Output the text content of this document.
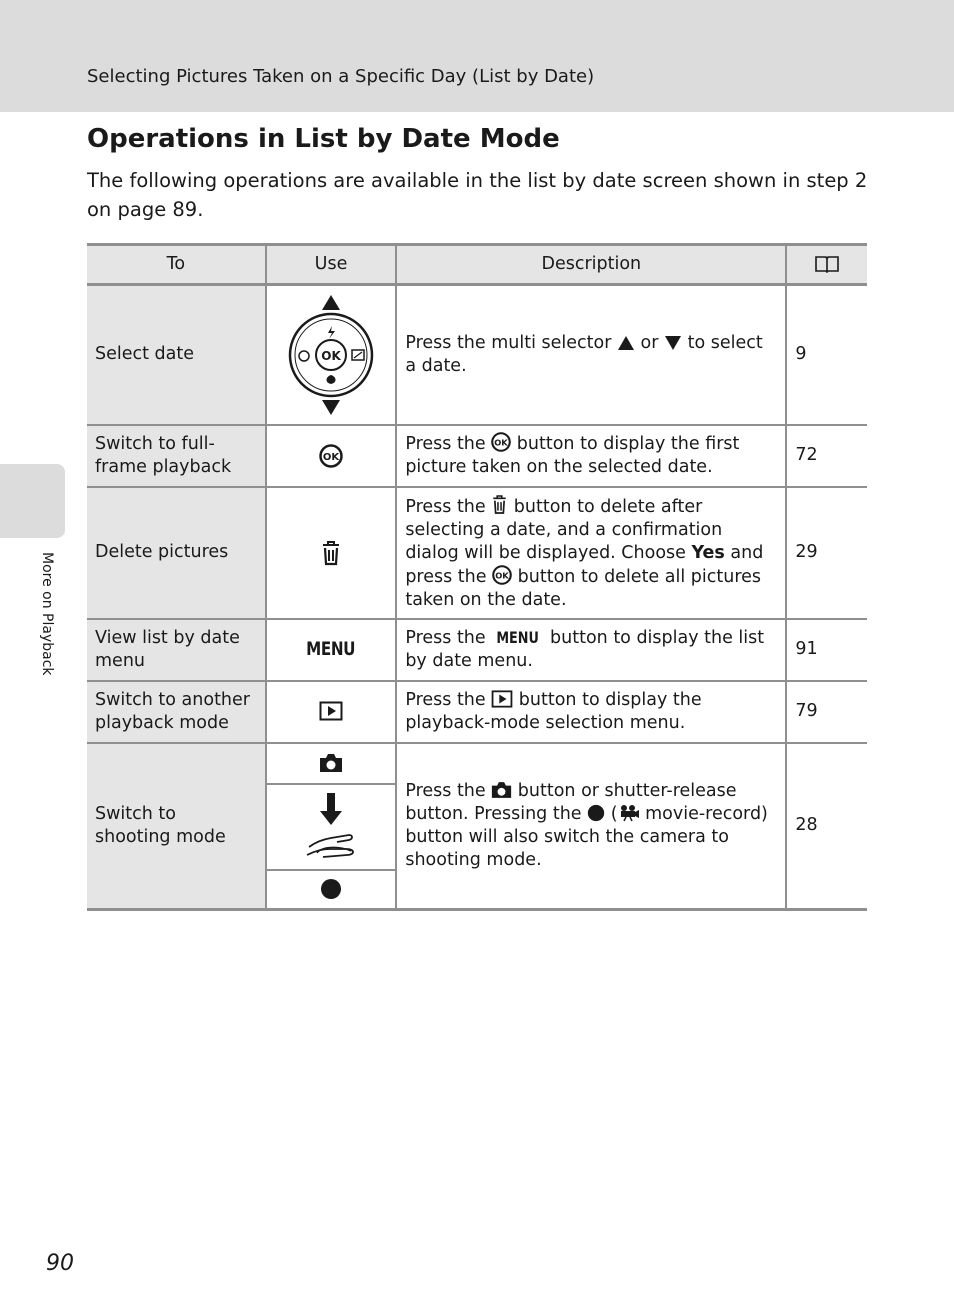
Selecting Pictures Taken on a Specific Day (List by Date)
More on Playback
Operations in List by Date Mode

The following operations are available in the list by date screen shown in step 2 on page 89.

To	Use	Description	
Select date	OK	Press the multi selector  or  to select a date.	9
Switch to full-frame playback	OK	Press the OK button to display the first picture taken on the selected date.	72
Delete pictures		Press the  button to delete after selecting a date, and a confirmation dialog will be displayed. Choose Yes and press the OK button to delete all pictures taken on the date.	29
View list by date menu	MENU	Press the MENU button to display the list by date menu.	91
Switch to another playback mode		Press the  button to display the playback-mode selection menu.	79
Switch to shooting mode		Press the  button or shutter-release button. Pressing the  ( movie-record) button will also switch the camera to shooting mode.	28
90
